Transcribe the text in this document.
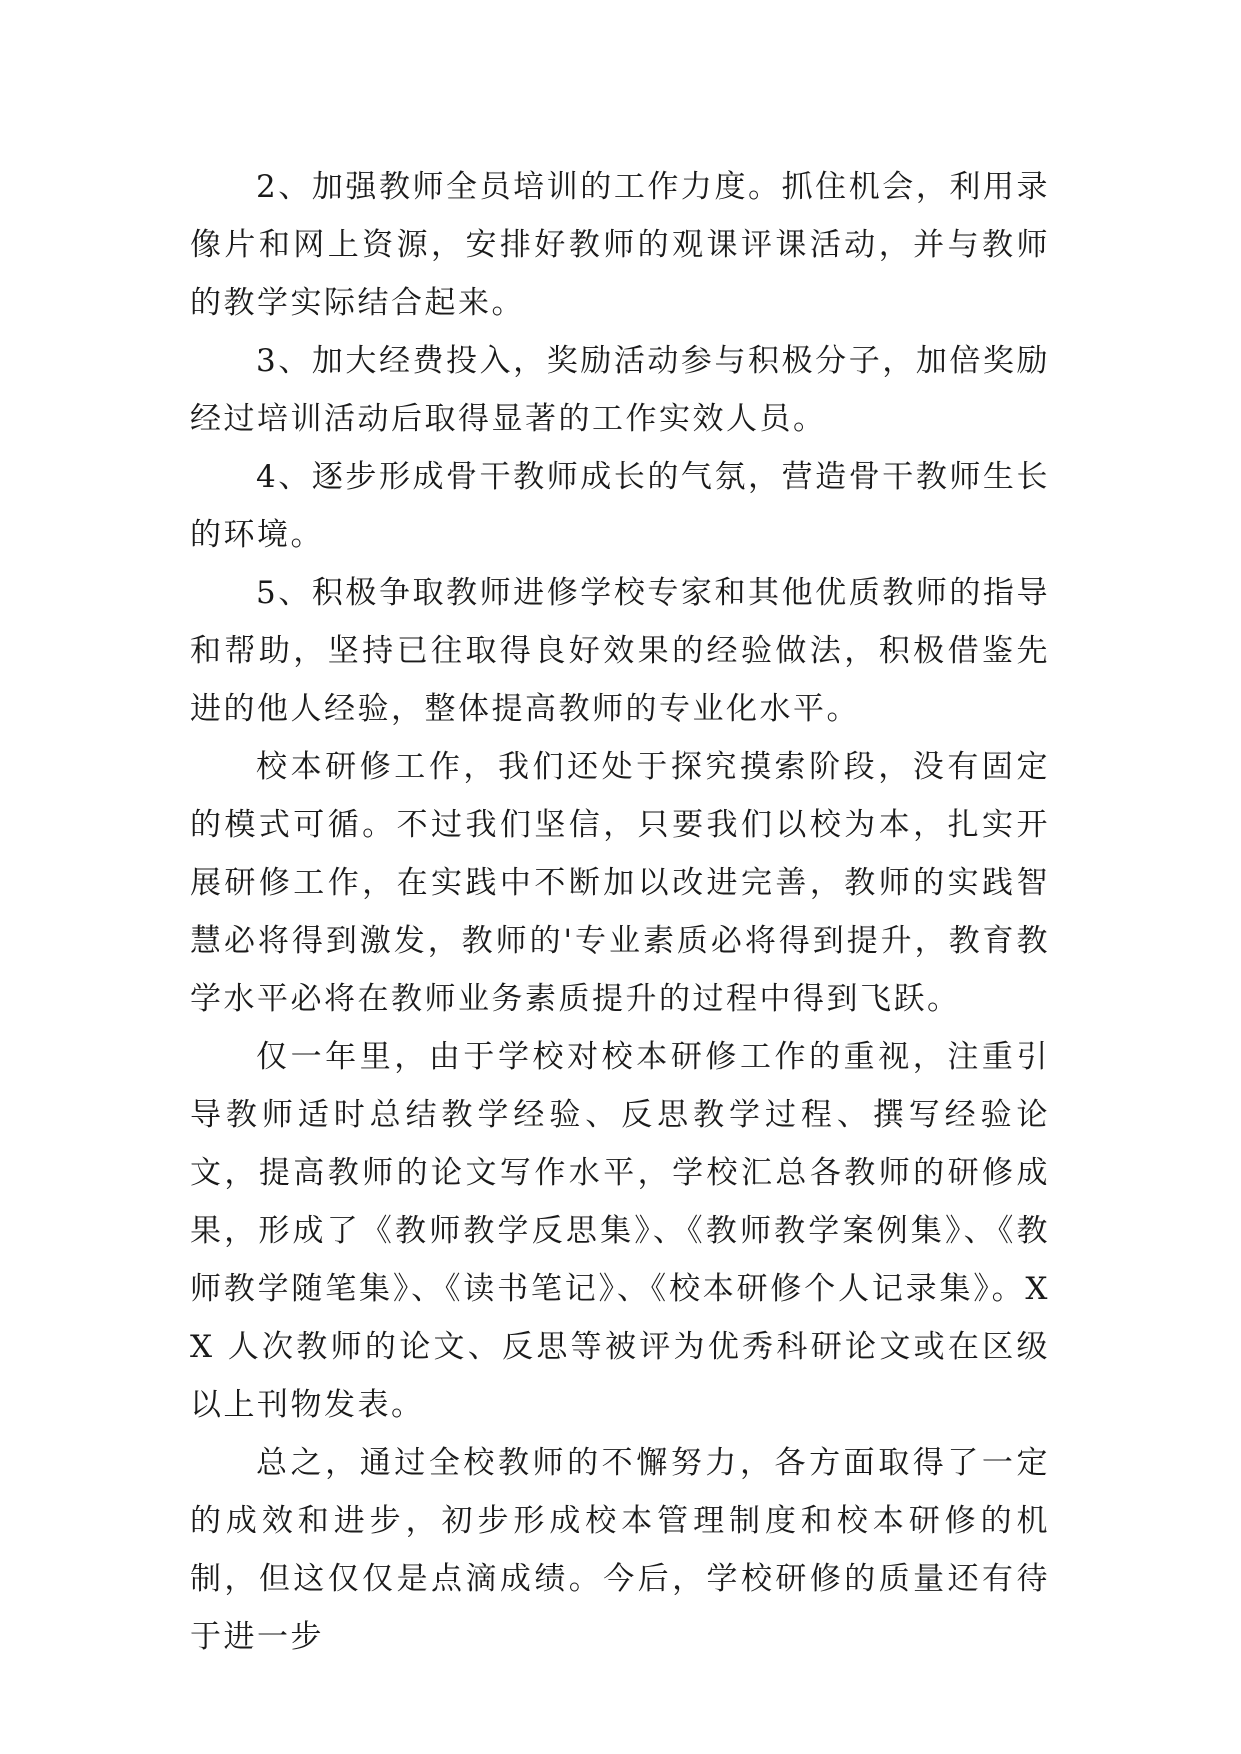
2、加强教师全员培训的工作力度。抓住机会，利用录像片和网上资源，安排好教师的观课评课活动，并与教师的教学实际结合起来。

3、加大经费投入，奖励活动参与积极分子，加倍奖励经过培训活动后取得显著的工作实效人员。

4、逐步形成骨干教师成长的气氛，营造骨干教师生长的环境。

5、积极争取教师进修学校专家和其他优质教师的指导和帮助，坚持已往取得良好效果的经验做法，积极借鉴先进的他人经验，整体提高教师的专业化水平。

校本研修工作，我们还处于探究摸索阶段，没有固定的模式可循。不过我们坚信，只要我们以校为本，扎实开展研修工作，在实践中不断加以改进完善，教师的实践智慧必将得到激发，教师的'专业素质必将得到提升，教育教学水平必将在教师业务素质提升的过程中得到飞跃。

仅一年里，由于学校对校本研修工作的重视，注重引导教师适时总结教学经验、反思教学过程、撰写经验论文，提高教师的论文写作水平，学校汇总各教师的研修成果，形成了《教师教学反思集》、《教师教学案例集》、《教师教学随笔集》、《读书笔记》、《校本研修个人记录集》。XX 人次教师的论文、反思等被评为优秀科研论文或在区级以上刊物发表。

总之，通过全校教师的不懈努力，各方面取得了一定的成效和进步，初步形成校本管理制度和校本研修的机制，但这仅仅是点滴成绩。今后，学校研修的质量还有待于进一步
